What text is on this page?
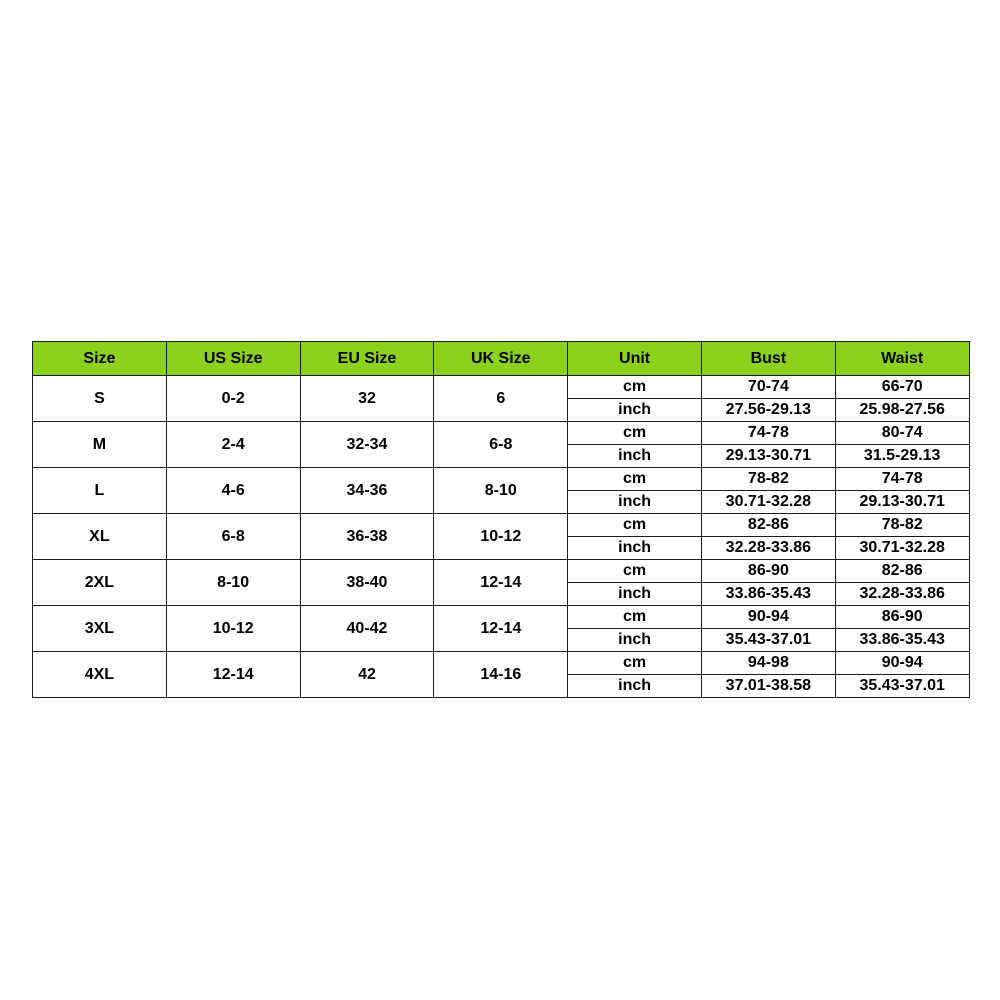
Size	US Size	EU Size	UK Size	Unit	Bust	Waist
S	0-2	32	6	cm	70-74	66-70
				inch	27.56-29.13	25.98-27.56
M	2-4	32-34	6-8	cm	74-78	80-74
				inch	29.13-30.71	31.5-29.13
L	4-6	34-36	8-10	cm	78-82	74-78
				inch	30.71-32.28	29.13-30.71
XL	6-8	36-38	10-12	cm	82-86	78-82
				inch	32.28-33.86	30.71-32.28
2XL	8-10	38-40	12-14	cm	86-90	82-86
				inch	33.86-35.43	32.28-33.86
3XL	10-12	40-42	12-14	cm	90-94	86-90
				inch	35.43-37.01	33.86-35.43
4XL	12-14	42	14-16	cm	94-98	90-94
				inch	37.01-38.58	35.43-37.01
